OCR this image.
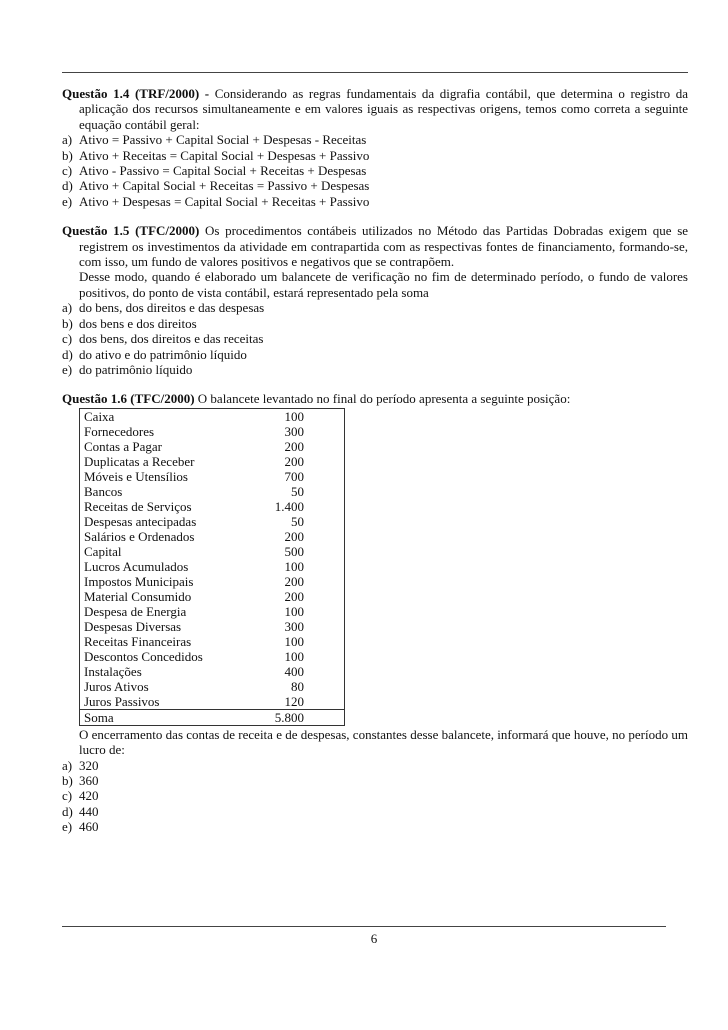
Questão 1.4 (TRF/2000) - Considerando as regras fundamentais da digrafia contábil, que determina o registro da aplicação dos recursos simultaneamente e em valores iguais as respectivas origens, temos como correta a seguinte equação contábil geral:
a) Ativo = Passivo + Capital Social + Despesas - Receitas
b) Ativo + Receitas = Capital Social + Despesas + Passivo
c) Ativo - Passivo = Capital Social + Receitas + Despesas
d) Ativo + Capital Social + Receitas = Passivo + Despesas
e) Ativo + Despesas = Capital Social + Receitas + Passivo
Questão 1.5 (TFC/2000) Os procedimentos contábeis utilizados no Método das Partidas Dobradas exigem que se registrem os investimentos da atividade em contrapartida com as respectivas fontes de financiamento, formando-se, com isso, um fundo de valores positivos e negativos que se contrapõem.
Desse modo, quando é elaborado um balancete de verificação no fim de determinado período, o fundo de valores positivos, do ponto de vista contábil, estará representado pela soma
a) do bens, dos direitos e das despesas
b) dos bens e dos direitos
c) dos bens, dos direitos e das receitas
d) do ativo e do patrimônio líquido
e) do patrimônio líquido
Questão 1.6 (TFC/2000) O balancete levantado no final do período apresenta a seguinte posição:
Caixa	100
Fornecedores	300
Contas a Pagar	200
Duplicatas a Receber	200
Móveis e Utensílios	700
Bancos	50
Receitas de Serviços	1.400
Despesas antecipadas	50
Salários e Ordenados	200
Capital	500
Lucros Acumulados	100
Impostos Municipais	200
Material Consumido	200
Despesa de Energia	100
Despesas Diversas	300
Receitas Financeiras	100
Descontos Concedidos	100
Instalações	400
Juros Ativos	80
Juros Passivos	120
Soma	5.800
O encerramento das contas de receita e de despesas, constantes desse balancete, informará que houve, no período um lucro de:
a) 320
b) 360
c) 420
d) 440
e) 460
6
